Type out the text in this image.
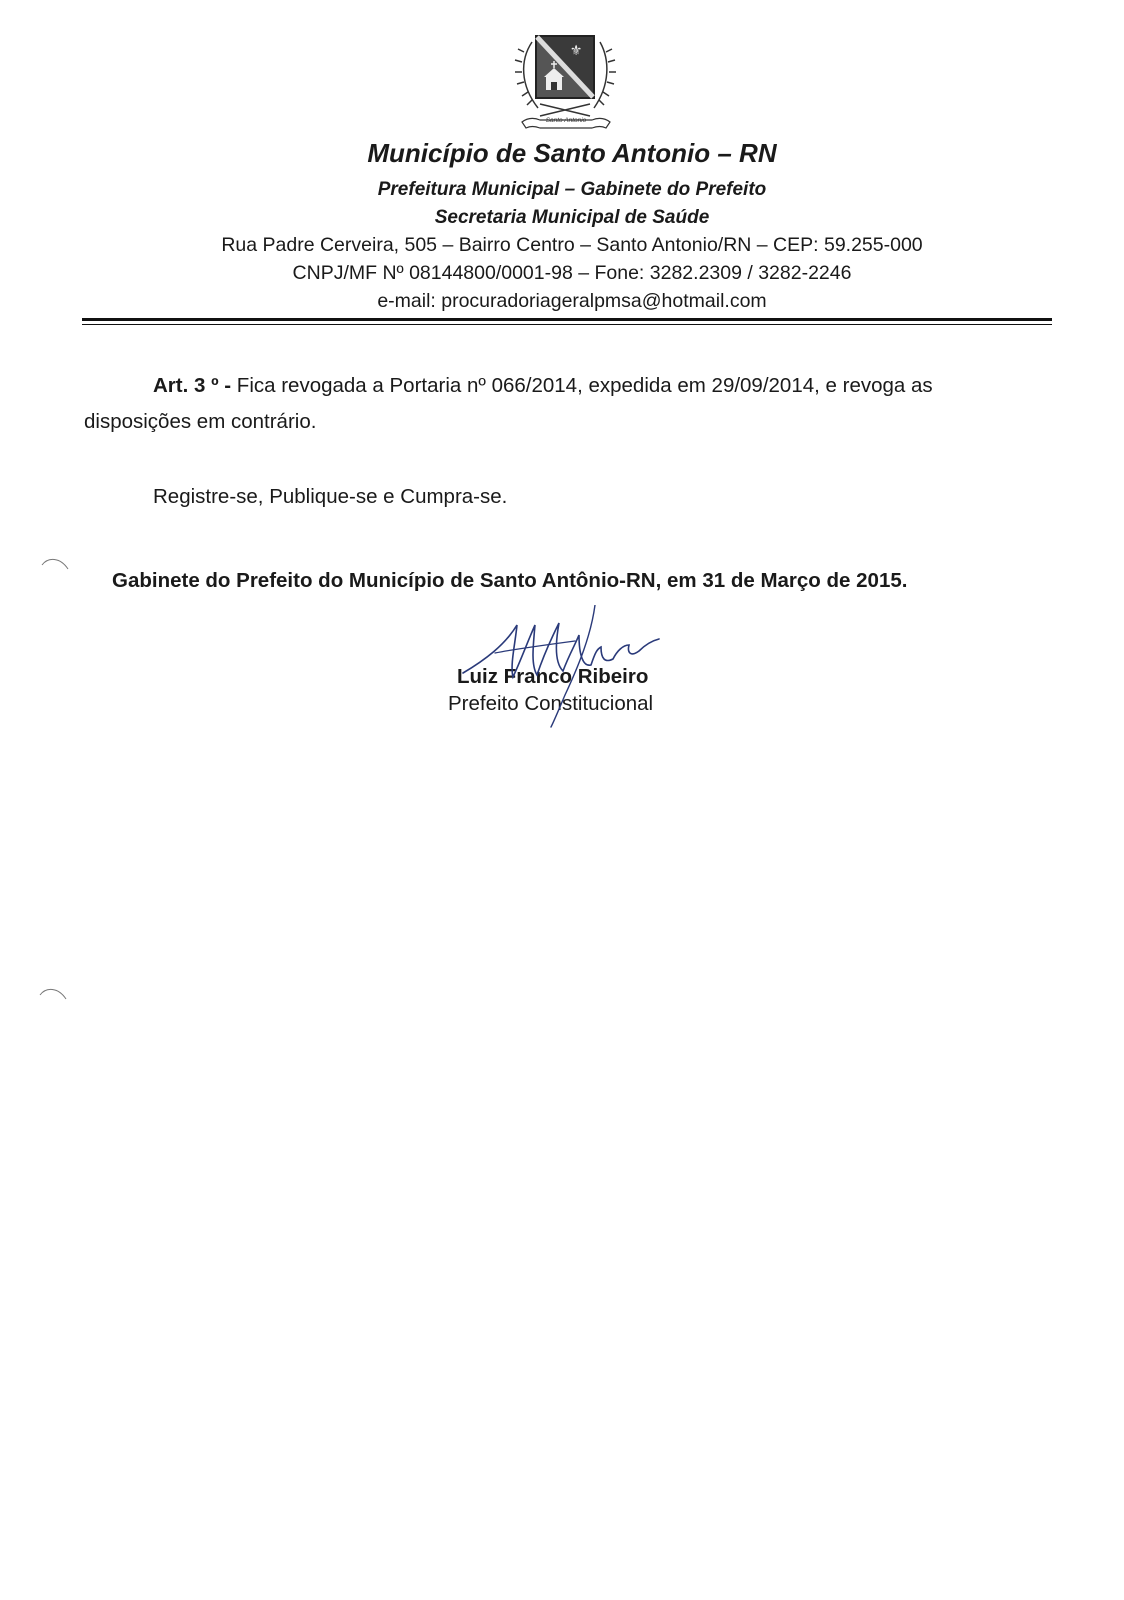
⚜
Santo Antonio
Município de Santo Antonio – RN
Prefeitura Municipal – Gabinete do Prefeito
Secretaria Municipal de Saúde
Rua Padre Cerveira, 505 – Bairro Centro – Santo Antonio/RN – CEP: 59.255-000
CNPJ/MF Nº 08144800/0001-98 – Fone: 3282.2309 / 3282-2246
e-mail: procuradoriageralpmsa@hotmail.com
Art. 3 º - Fica revogada a Portaria nº 066/2014, expedida em 29/09/2014, e revoga as
disposições em contrário.
Registre-se, Publique-se e Cumpra-se.
Gabinete do Prefeito do Município de Santo Antônio-RN, em 31 de Março de 2015.
Luiz Franco Ribeiro
Prefeito Constitucional
